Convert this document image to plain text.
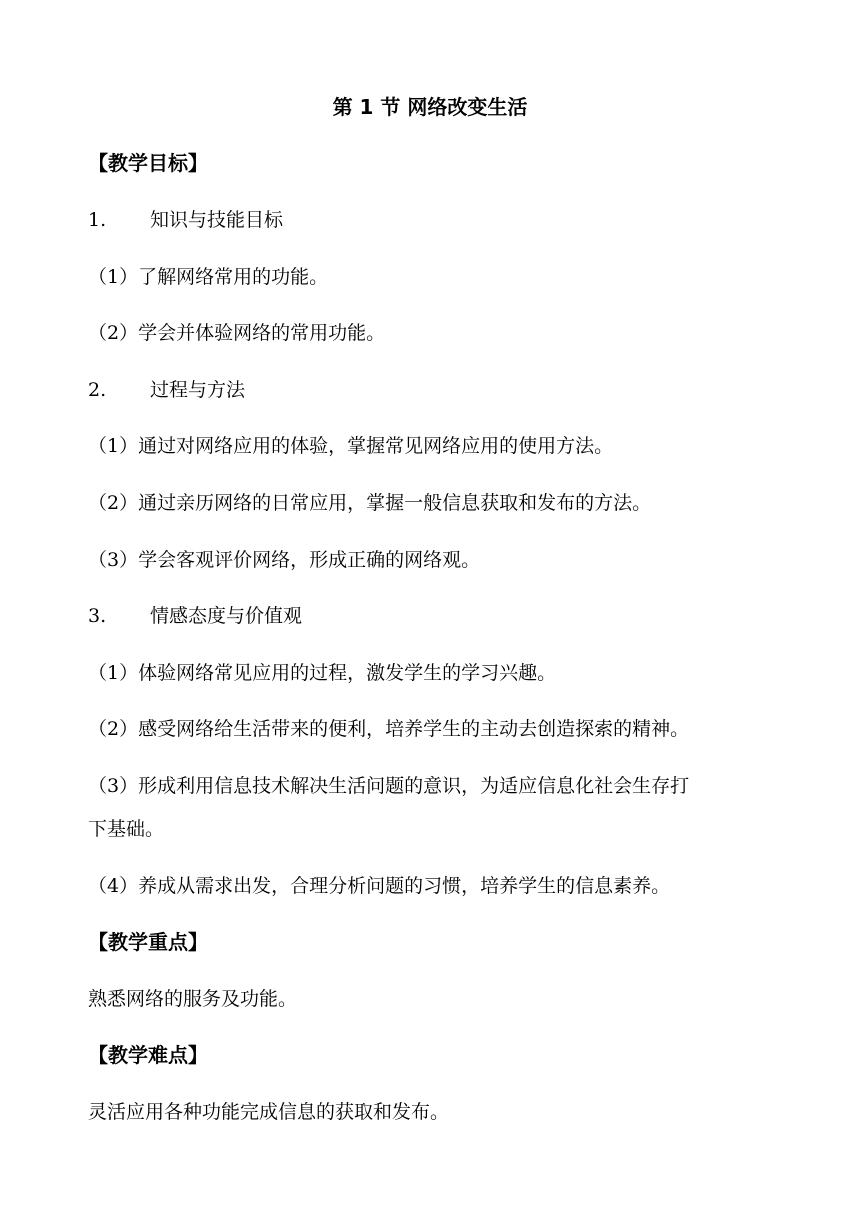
第 1 节 网络改变生活
【教学目标】
1. 知识与技能目标
（1）了解网络常用的功能。
（2）学会并体验网络的常用功能。
2. 过程与方法
（1）通过对网络应用的体验，掌握常见网络应用的使用方法。
（2）通过亲历网络的日常应用，掌握一般信息获取和发布的方法。
（3）学会客观评价网络，形成正确的网络观。
3. 情感态度与价值观
（1）体验网络常见应用的过程，激发学生的学习兴趣。
（2）感受网络给生活带来的便利，培养学生的主动去创造探索的精神。
（3）形成利用信息技术解决生活问题的意识，为适应信息化社会生存打
下基础。
（4）养成从需求出发，合理分析问题的习惯，培养学生的信息素养。
【教学重点】
熟悉网络的服务及功能。
【教学难点】
灵活应用各种功能完成信息的获取和发布。
